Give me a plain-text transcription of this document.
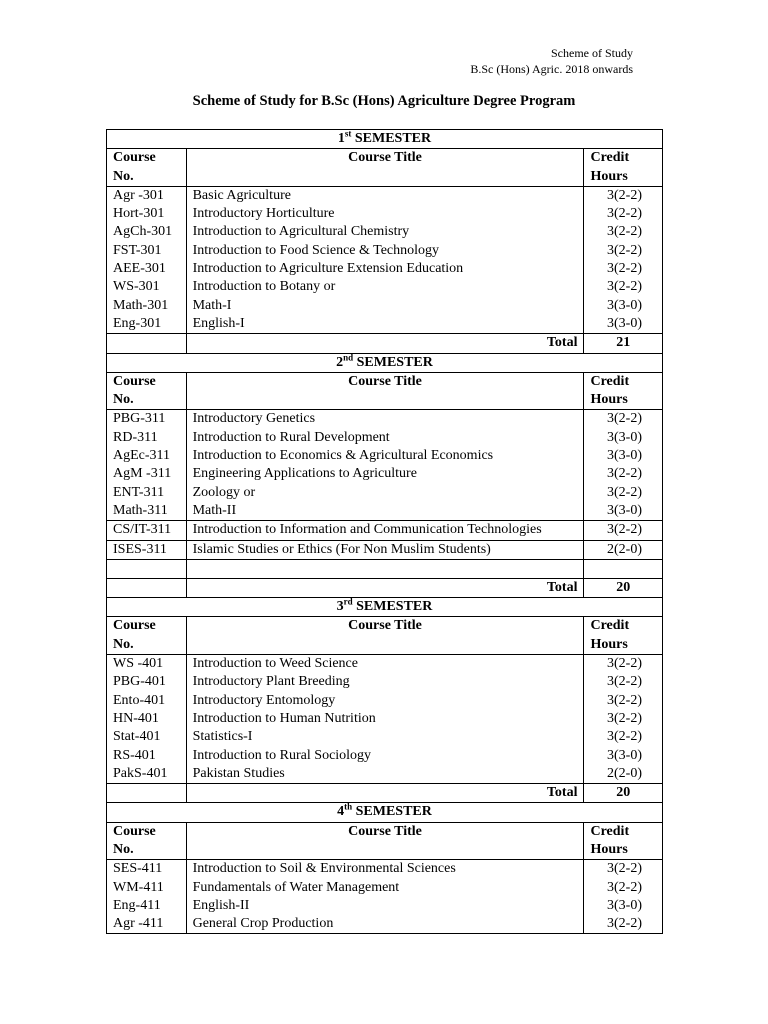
Scheme of Study
B.Sc (Hons) Agric. 2018 onwards
Scheme of Study for B.Sc (Hons) Agriculture Degree Program
1st SEMESTER		
Course No.	Course Title	Credit Hours
Agr -301	Basic Agriculture	3(2-2)
Hort-301	Introductory Horticulture	3(2-2)
AgCh-301	Introduction to Agricultural Chemistry	3(2-2)
FST-301	Introduction to Food Science & Technology	3(2-2)
AEE-301	Introduction to Agriculture Extension Education	3(2-2)
WS-301	Introduction to Botany or	3(2-2)
Math-301	Math-I	3(3-0)
Eng-301	English-I	3(3-0)
	Total	21
2nd SEMESTER		
Course No.	Course Title	Credit Hours
PBG-311	Introductory Genetics	3(2-2)
RD-311	Introduction to Rural Development	3(3-0)
AgEc-311	Introduction to Economics & Agricultural Economics	3(3-0)
AgM -311	Engineering Applications to Agriculture	3(2-2)
ENT-311	Zoology or	3(2-2)
Math-311	Math-II	3(3-0)
CS/IT-311	Introduction to Information and Communication Technologies	3(2-2)
ISES-311	Islamic Studies or Ethics (For Non Muslim Students)	2(2-0)

	Total	20
3rd SEMESTER		
Course No.	Course Title	Credit Hours
WS -401	Introduction to Weed Science	3(2-2)
PBG-401	Introductory Plant Breeding	3(2-2)
Ento-401	Introductory Entomology	3(2-2)
HN-401	Introduction to Human Nutrition	3(2-2)
Stat-401	Statistics-I	3(2-2)
RS-401	Introduction to Rural Sociology	3(3-0)
PakS-401	Pakistan Studies	2(2-0)
	Total	20
4th SEMESTER		
Course No.	Course Title	Credit Hours
SES-411	Introduction to Soil & Environmental Sciences	3(2-2)
WM-411	Fundamentals of Water Management	3(2-2)
Eng-411	English-II	3(3-0)
Agr -411	General Crop Production	3(2-2)
